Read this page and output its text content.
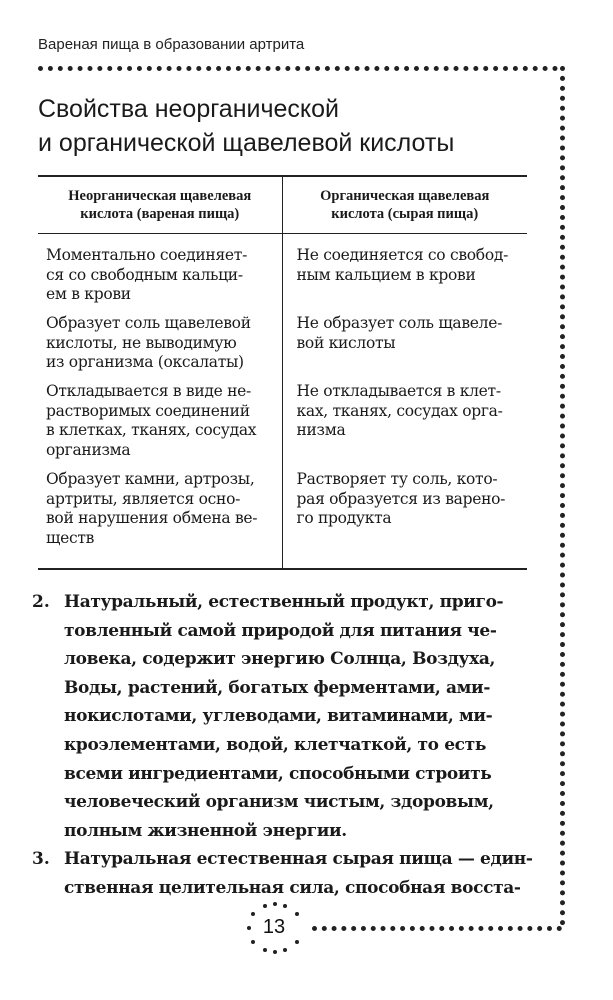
Вареная пища в образовании артрита
Свойства неорганической
и органической щавелевой кислоты
Неорганическая щавелевая
кислота (вареная пища)
Органическая щавелевая
кислота (сырая пища)
Моментально соединяет-
ся со свободным кальци-
ем в крови
Образует соль щавелевой
кислоты, не выводимую
из организма (оксалаты)
Откладывается в виде не-
растворимых соединений
в клетках, тканях, сосудах
организма
Образует камни, артрозы,
артриты, является осно-
вой нарушения обмена ве-
ществ
Не соединяется со свобод-
ным кальцием в крови
Не образует соль щавеле-
вой кислоты
Не откладывается в клет-
ках, тканях, сосудах орга-
низма
Растворяет ту соль, кото-
рая образуется из варено-
го продукта
2. Натуральный, естественный продукт, приго-
товленный самой природой для питания че-
ловека, содержит энергию Солнца, Воздуха,
Воды, растений, богатых ферментами, ами-
нокислотами, углеводами, витаминами, ми-
кроэлементами, водой, клетчаткой, то есть
всеми ингредиентами, способными строить
человеческий организм чистым, здоровым,
полным жизненной энергии.
3. Натуральная естественная сырая пища — един-
ственная целительная сила, способная восста-
13
